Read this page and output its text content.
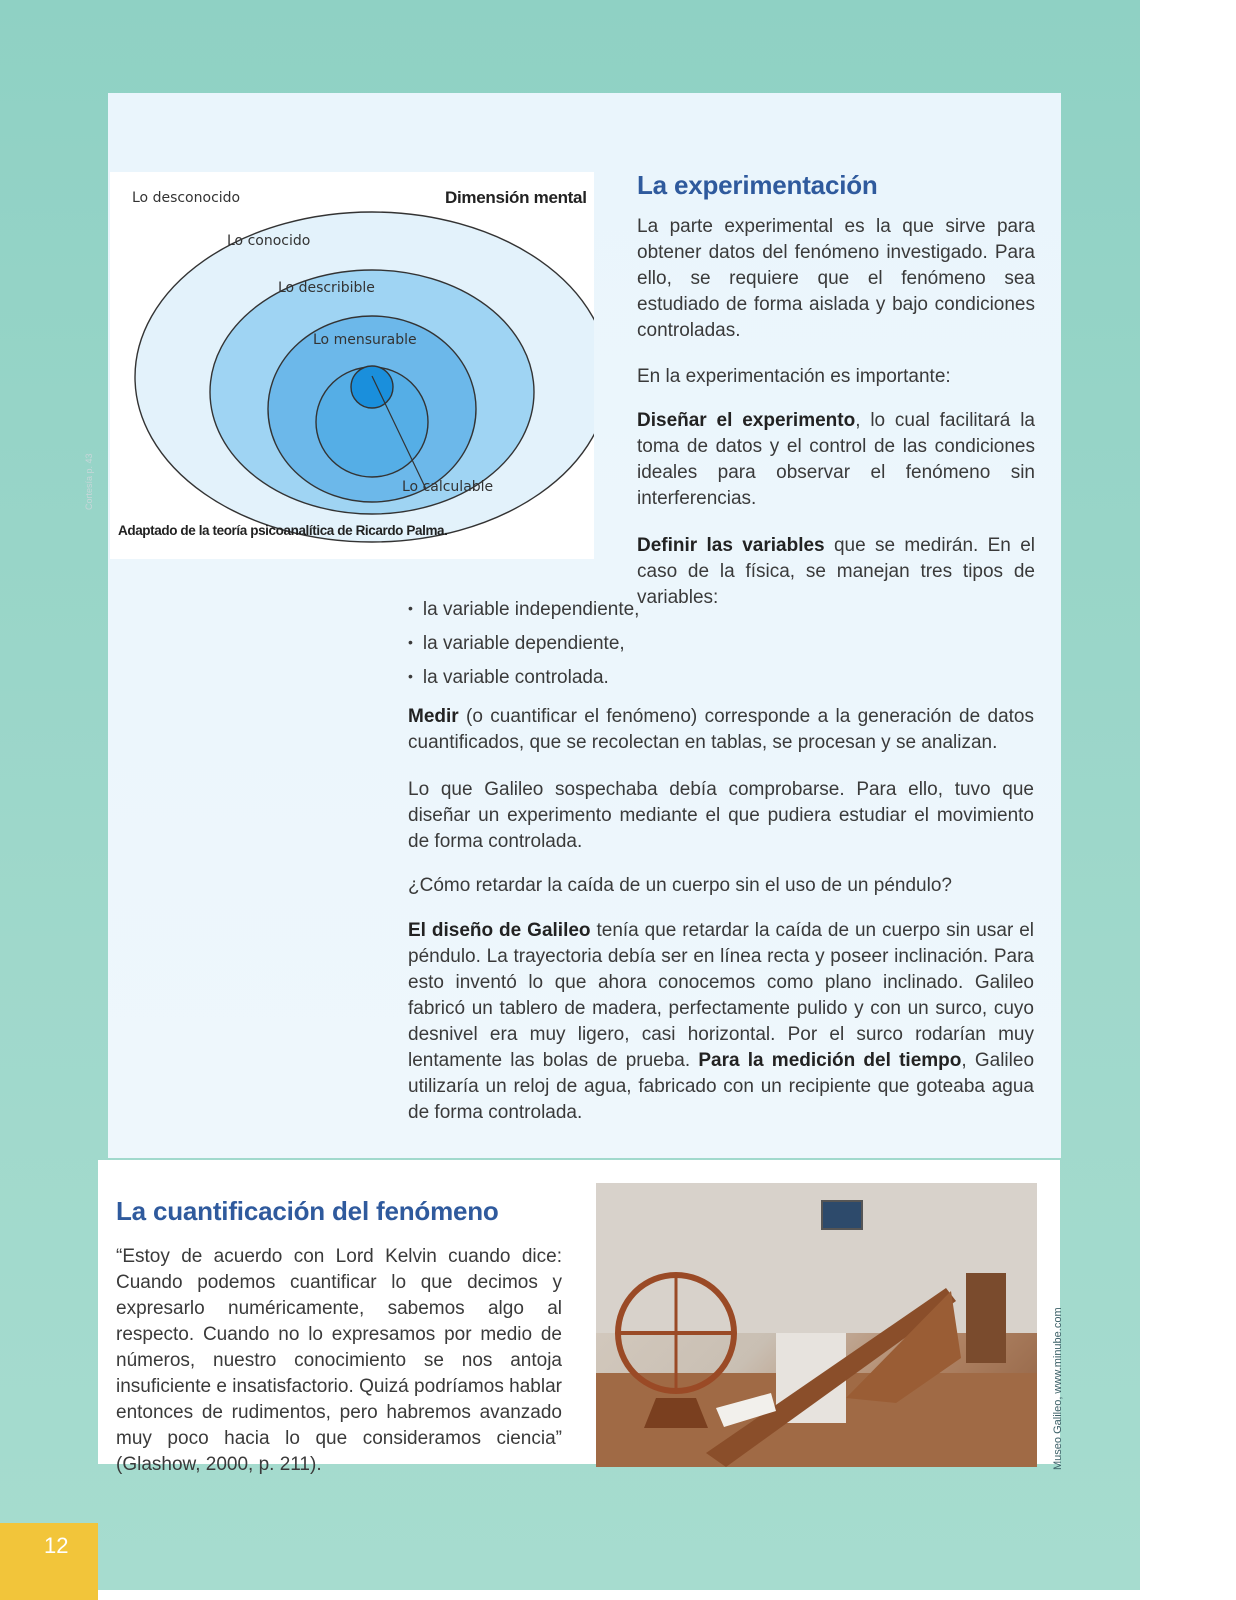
Lo desconocido	Dimensión mental
Lo conocido
Lo describible
Lo mensurable
Lo calculable
Adaptado de la teoría psicoanalítica de Ricardo Palma.
Cortesía p. 43
La experimentación

La parte experimental es la que sirve para obtener datos del fenómeno investigado. Para ello, se requiere que el fenómeno sea estudiado de forma aislada y bajo condiciones controladas.

En la experimentación es importante:

Diseñar el experimento, lo cual facilitará la toma de datos y el control de las condiciones ideales para observar el fenómeno sin interferencias.

Definir las variables que se medirán. En el caso de la física, se manejan tres tipos de variables:

• la variable independiente,
• la variable dependiente,
• la variable controlada.

Medir (o cuantificar el fenómeno) corresponde a la generación de datos cuantificados, que se recolectan en tablas, se procesan y se analizan.

Lo que Galileo sospechaba debía comprobarse. Para ello, tuvo que diseñar un experimento mediante el que pudiera estudiar el movimiento de forma controlada.

¿Cómo retardar la caída de un cuerpo sin el uso de un péndulo?

El diseño de Galileo tenía que retardar la caída de un cuerpo sin usar el péndulo. La trayectoria debía ser en línea recta y poseer inclinación. Para esto inventó lo que ahora conocemos como plano inclinado. Galileo fabricó un tablero de madera, perfectamente pulido y con un surco, cuyo desnivel era muy ligero, casi horizontal. Por el surco rodarían muy lentamente las bolas de prueba. Para la medición del tiempo, Galileo utilizaría un reloj de agua, fabricado con un recipiente que goteaba agua de forma controlada.

La cuantificación del fenómeno

“Estoy de acuerdo con Lord Kelvin cuando dice: Cuando podemos cuantificar lo que decimos y expresarlo numéricamente, sabemos algo al respecto. Cuando no lo expresamos por medio de números, nuestro conocimiento se nos antoja insuficiente e insatisfactorio. Quizá podríamos hablar entonces de rudimentos, pero habremos avanzado muy poco hacia lo que consideramos ciencia” (Glashow, 2000, p. 211).	Museo Galileo, www.minube.com
12
